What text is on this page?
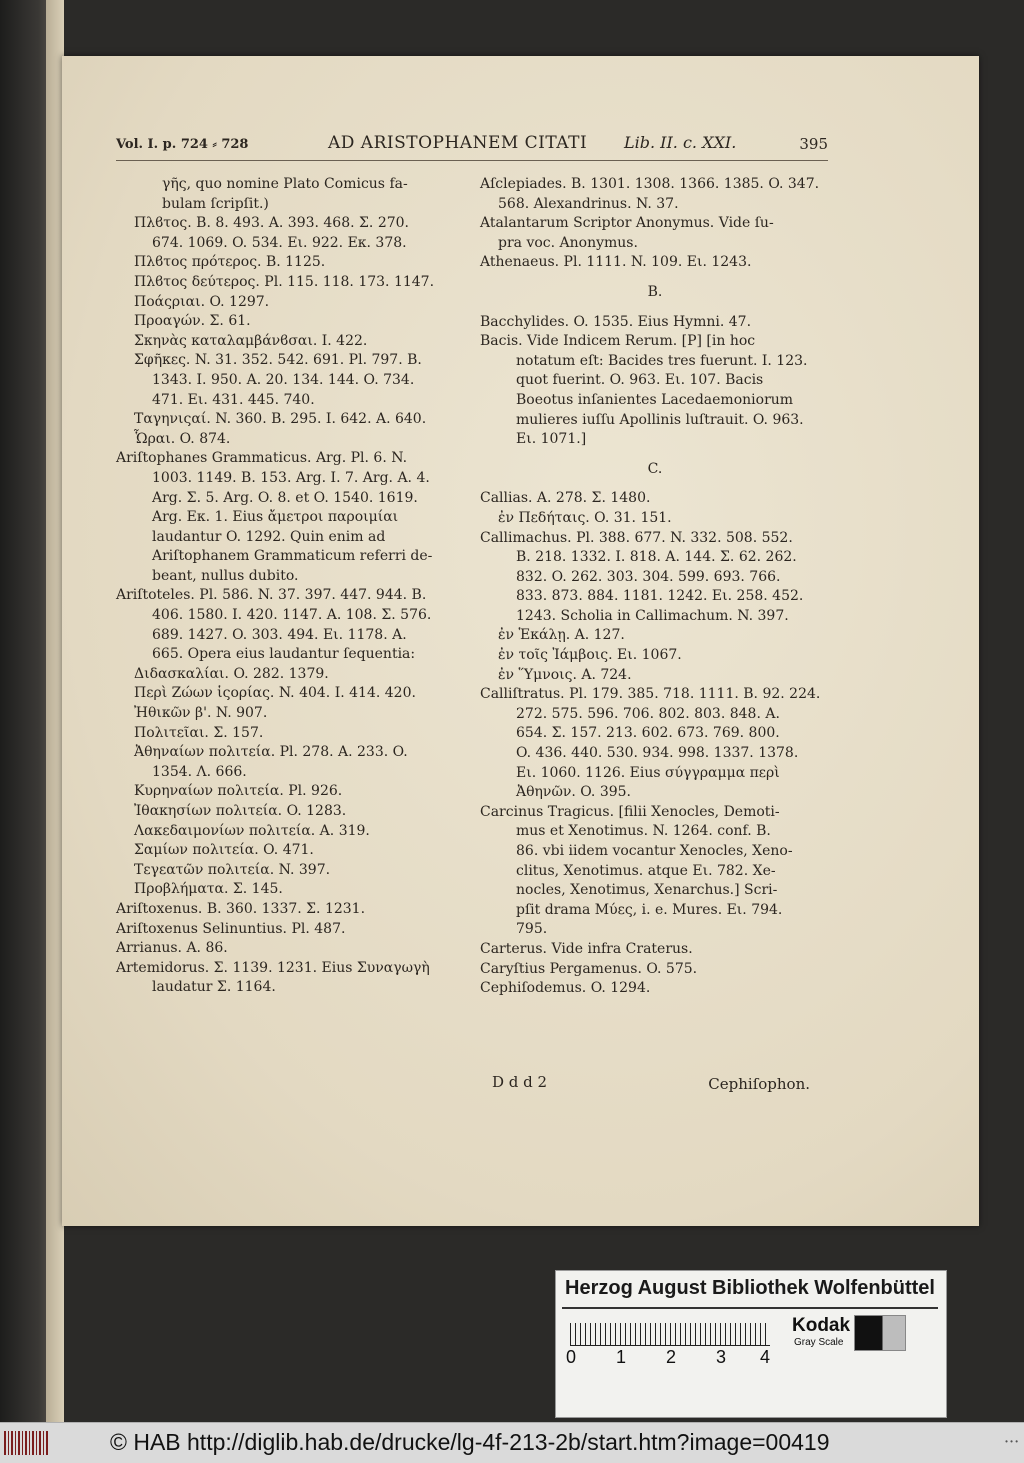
Vol. I. p. 724 ⸗ 728	AD ARISTOPHANEM CITATI Lib. II. c. XXI.	395
γῆς, quo nomine Plato Comicus fa-
bulam ſcripſit.)
Πλϐτος. B. 8. 493. A. 393. 468. Σ. 270.
674. 1069. O. 534. Eι. 922. Eκ. 378.
Πλϐτος πρότερος. B. 1125.
Πλϐτος δεύτερος. Pl. 115. 118. 173. 1147.
Ποάςριαι. O. 1297.
Προαγών. Σ. 61.
Σκηνὰς καταλαμβάνϐσαι. I. 422.
Σφῆκες. N. 31. 352. 542. 691. Pl. 797. B.
1343. I. 950. A. 20. 134. 144. O. 734.
471. Eι. 431. 445. 740.
Ταγηνιςαί. N. 360. B. 295. I. 642. A. 640.
Ὧραι. O. 874.
Ariſtophanes Grammaticus. Arg. Pl. 6. N.
1003. 1149. B. 153. Arg. I. 7. Arg. A. 4.
Arg. Σ. 5. Arg. O. 8. et O. 1540. 1619.
Arg. Eκ. 1. Eius ἄμετροι παροιμίαι
laudantur O. 1292. Quin enim ad
Ariſtophanem Grammaticum referri de-
beant, nullus dubito.
Ariſtoteles. Pl. 586. N. 37. 397. 447. 944. B.
406. 1580. I. 420. 1147. A. 108. Σ. 576.
689. 1427. O. 303. 494. Eι. 1178. A.
665. Opera eius laudantur ſequentia:
Διδασκαλίαι. O. 282. 1379.
Περὶ Ζώων ἱςορίας. N. 404. I. 414. 420.
Ἠθικῶν β'. N. 907.
Πολιτεῖαι. Σ. 157.
Ἀθηναίων πολιτεία. Pl. 278. A. 233. O.
1354. Λ. 666.
Κυρηναίων πολιτεία. Pl. 926.
Ἰθακησίων πολιτεία. O. 1283.
Λακεδαιμονίων πολιτεία. A. 319.
Σαμίων πολιτεία. O. 471.
Τεγεατῶν πολιτεία. N. 397.
Προβλήματα. Σ. 145.
Ariſtoxenus. B. 360. 1337. Σ. 1231.
Ariſtoxenus Selinuntius. Pl. 487.
Arrianus. A. 86.
Artemidorus. Σ. 1139. 1231. Eius Συναγωγὴ
laudatur Σ. 1164.
Aſclepiades. B. 1301. 1308. 1366. 1385. O. 347.
568. Alexandrinus. N. 37.
Atalantarum Scriptor Anonymus. Vide ſu-
pra voc. Anonymus.
Athenaeus. Pl. 1111. N. 109. Eι. 1243.
B.
Bacchylides. O. 1535. Eius Hymni. 47.
Bacis. Vide Indicem Rerum. [P] [in hoc
notatum eſt: Bacides tres fuerunt. I. 123.
quot fuerint. O. 963. Eι. 107. Bacis
Boeotus inſanientes Lacedaemoniorum
mulieres iuſſu Apollinis luſtrauit. O. 963.
Eι. 1071.]
C.
Callias. A. 278. Σ. 1480.
ἐν Πεδήταις. O. 31. 151.
Callimachus. Pl. 388. 677. N. 332. 508. 552.
B. 218. 1332. I. 818. A. 144. Σ. 62. 262.
832. O. 262. 303. 304. 599. 693. 766.
833. 873. 884. 1181. 1242. Eι. 258. 452.
1243. Scholia in Callimachum. N. 397.
ἐν Ἑκάλῃ. A. 127.
ἐν τοῖς Ἰάμβοις. Eι. 1067.
ἐν Ὕμνοις. A. 724.
Calliſtratus. Pl. 179. 385. 718. 1111. B. 92. 224.
272. 575. 596. 706. 802. 803. 848. A.
654. Σ. 157. 213. 602. 673. 769. 800.
O. 436. 440. 530. 934. 998. 1337. 1378.
Eι. 1060. 1126. Eius σύγγραμμα περὶ
Ἀθηνῶν. O. 395.
Carcinus Tragicus. [filii Xenocles, Demoti-
mus et Xenotimus. N. 1264. conf. B.
86. vbi iidem vocantur Xenocles, Xeno-
clitus, Xenotimus. atque Eι. 782. Xe-
nocles, Xenotimus, Xenarchus.] Scri-
pſit drama Μύες, i. e. Mures. Eι. 794.
795.
Carterus. Vide infra Craterus.
Caryſtius Pergamenus. O. 575.
Cephiſodemus. O. 1294.
D d d 2	Cephiſophon.
Herzog August Bibliothek Wolfenbüttel
0 1 2 3 4
Kodak
Gray Scale
© HAB http://diglib.hab.de/drucke/lg-4f-213-2b/start.htm?image=00419	• • •
